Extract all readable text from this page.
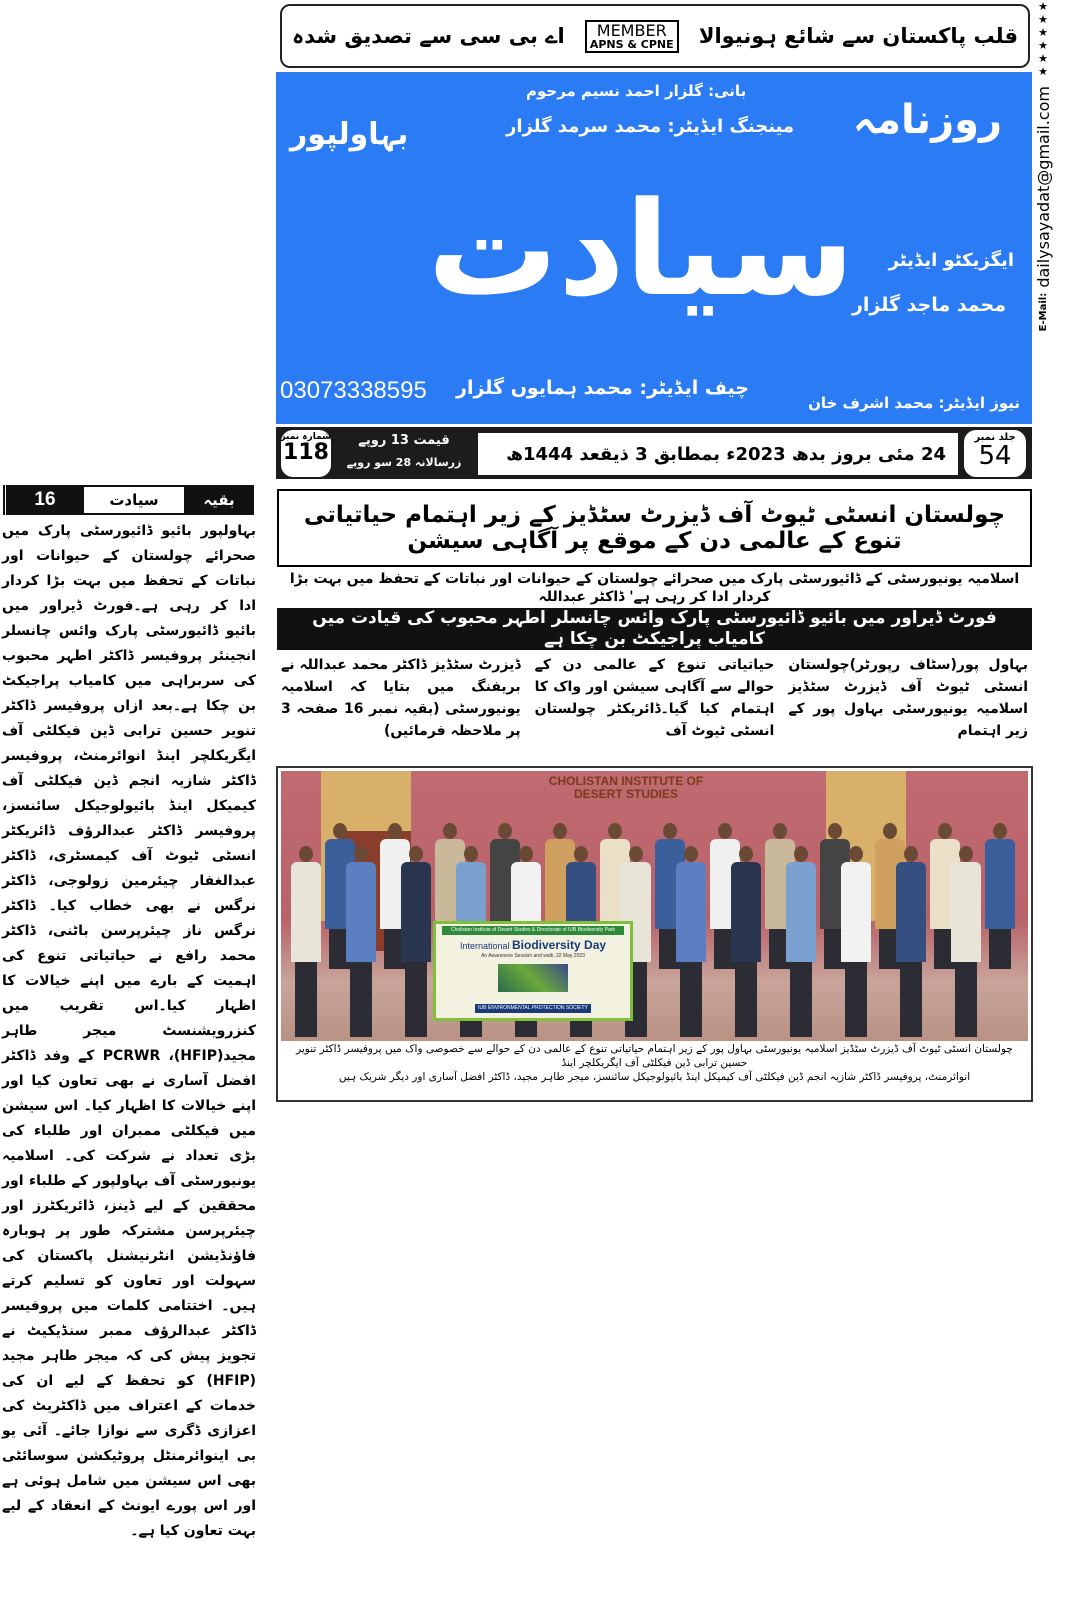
قلب پاکستان سے شائع ہونیوالا
MEMBER
APNS & CPNE
اے بی سی سے تصدیق شدہ	★★★★★★
E-Mail: dailysayadat@gmail.com
روزنامہ
بہاولپور
بانی: گلزار احمد نسیم مرحوم
مینجنگ ایڈیٹر: محمد سرمد گلزار
سیادت ایگزیکٹو ایڈیٹر
محمد ماجد گلزار
03073338595 چیف ایڈیٹر: محمد ہمایوں گلزار
نیوز ایڈیٹر: محمد اشرف خان
شمارہ نمبر
118	قیمت 13 روپے
زرسالانہ 28 سو روپے	24 مئی بروز بدھ 2023ء بمطابق 3 ذیقعد 1444ھ
جلد نمبر
54
چولستان انسٹی ٹیوٹ آف ڈیزرٹ سٹڈیز کے زیر اہتمام حیاتیاتی تنوع کے عالمی دن کے موقع پر آگاہی سیشن
اسلامیہ یونیورسٹی کے ڈائیورسٹی پارک میں صحرائے چولستان کے حیوانات اور نباتات کے تحفظ میں بہت بڑا کردار ادا کر رہی ہے' ڈاکٹر عبداللہ
فورٹ ڈیراور میں بائیو ڈائیورسٹی پارک وائس چانسلر اطہر محبوب کی قیادت میں کامیاب پراجیکٹ بن چکا ہے
بہاول پور(سٹاف رپورٹر)چولستان انسٹی ٹیوٹ آف ڈیزرٹ سٹڈیز اسلامیہ یونیورسٹی بہاول پور کے زیر اہتمام
حیاتیاتی تنوع کے عالمی دن کے حوالے سے آگاہی سیشن اور واک کا اہتمام کیا گیا۔ڈائریکٹر چولستان انسٹی ٹیوٹ آف
ڈیزرٹ سٹڈیز ڈاکٹر محمد عبداللہ نے بریفنگ میں بتایا کہ اسلامیہ یونیورسٹی (بقیہ نمبر 16 صفحہ 3 پر ملاحظہ فرمائیں)
CHOLISTAN INSTITUTE OF DESERT STUDIES
Cholistan Institute of Desert Studies & Directorate of IUB Biodiversity Park
International Biodiversity Day
An Awareness Session and walk, 22 May 2023
IUB ENVIRONMENTAL PROTECTION SOCIETY
چولستان انسٹی ٹیوٹ آف ڈیزرٹ سٹڈیز اسلامیہ یونیورسٹی بہاول پور کے زیر اہتمام حیاتیاتی تنوع کے عالمی دن کے حوالے سے خصوصی واک میں پروفیسر ڈاکٹر تنویر حسین ترابی ڈین فیکلٹی آف ایگریکلچر اینڈ
انوائرمنٹ، پروفیسر ڈاکٹر شازیہ انجم ڈین فیکلٹی آف کیمیکل اینڈ بائیولوجیکل سائنسز، میجر طاہر مجید، ڈاکٹر افضل آساری اور دیگر شریک ہیں
بقیہ
سیادت
16
بہاولپور بائیو ڈائیورسٹی پارک میں صحرائے چولستان کے حیوانات اور نباتات کے تحفظ میں بہت بڑا کردار ادا کر رہی ہے۔فورٹ ڈیراور میں بائیو ڈائیورسٹی پارک وائس چانسلر انجینئر پروفیسر ڈاکٹر اطہر محبوب کی سربراہی میں کامیاب پراجیکٹ بن چکا ہے۔بعد ازاں پروفیسر ڈاکٹر تنویر حسین ترابی ڈین فیکلٹی آف ایگریکلچر اینڈ انوائرمنٹ، پروفیسر ڈاکٹر شازیہ انجم ڈین فیکلٹی آف کیمیکل اینڈ بائیولوجیکل سائنسز، پروفیسر ڈاکٹر عبدالرؤف ڈائریکٹر انسٹی ٹیوٹ آف کیمسٹری، ڈاکٹر عبدالغفار چیئرمین زولوجی، ڈاکٹر نرگس نے بھی خطاب کیا۔ ڈاکٹر نرگس ناز چیئرپرسن باٹنی، ڈاکٹر محمد رافع نے حیاتیاتی تنوع کی اہمیت کے بارے میں اپنے خیالات کا اظہار کیا۔اس تقریب میں کنزرویشنسٹ میجر طاہر مجید(HFIP)، PCRWR کے وفد ڈاکٹر افضل آساری نے بھی تعاون کیا اور اپنے خیالات کا اظہار کیا۔ اس سیشن میں فیکلٹی ممبران اور طلباء کی بڑی تعداد نے شرکت کی۔ اسلامیہ یونیورسٹی آف بہاولپور کے طلباء اور محققین کے لیے ڈینز، ڈائریکٹرز اور چیئرپرسن مشترکہ طور پر ہوبارہ فاؤنڈیشن انٹرنیشنل پاکستان کی سہولت اور تعاون کو تسلیم کرتے ہیں۔ اختتامی کلمات میں پروفیسر ڈاکٹر عبدالرؤف ممبر سنڈیکیٹ نے تجویز پیش کی کہ میجر طاہر مجید (HFIP) کو تحفظ کے لیے ان کی خدمات کے اعتراف میں ڈاکٹریٹ کی اعزازی ڈگری سے نوازا جائے۔ آئی یو بی اینوائرمنٹل پروٹیکشن سوسائٹی بھی اس سیشن میں شامل ہوئی ہے اور اس پورے ایونٹ کے انعقاد کے لیے بہت تعاون کیا ہے۔
